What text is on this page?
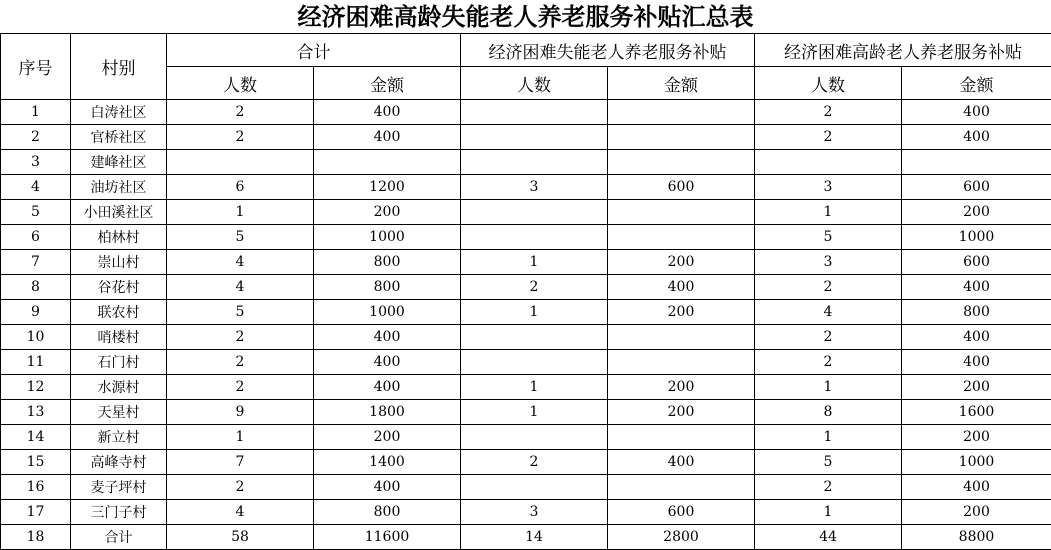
经济困难高龄失能老人养老服务补贴汇总表
序号	村别	合计		经济困难失能老人养老服务补贴		经济困难高龄老人养老服务补贴	
		人数	金额	人数	金额	人数	金额
1	白涛社区	2	400			2	400
2	官桥社区	2	400			2	400
3	建峰社区						
4	油坊社区	6	1200	3	600	3	600
5	小田溪社区	1	200			1	200
6	柏林村	5	1000			5	1000
7	崇山村	4	800	1	200	3	600
8	谷花村	4	800	2	400	2	400
9	联农村	5	1000	1	200	4	800
10	哨楼村	2	400			2	400
11	石门村	2	400			2	400
12	水源村	2	400	1	200	1	200
13	天星村	9	1800	1	200	8	1600
14	新立村	1	200			1	200
15	高峰寺村	7	1400	2	400	5	1000
16	麦子坪村	2	400			2	400
17	三门子村	4	800	3	600	1	200
18	合计	58	11600	14	2800	44	8800
